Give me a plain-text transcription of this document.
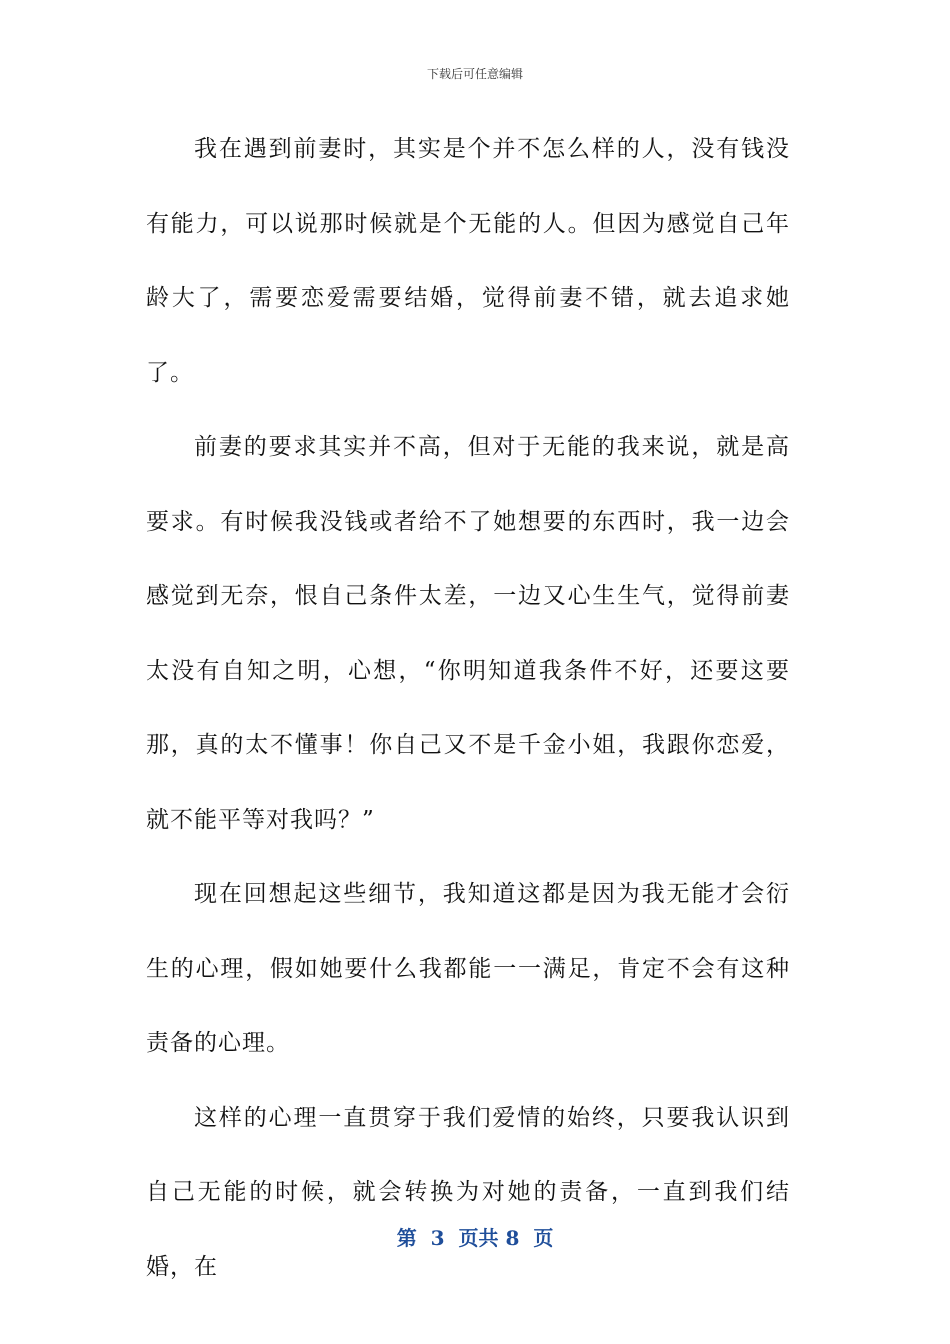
下载后可任意编辑

我在遇到前妻时，其实是个并不怎么样的人，没有钱没有能力，可以说那时候就是个无能的人。但因为感觉自己年龄大了，需要恋爱需要结婚，觉得前妻不错，就去追求她了。

前妻的要求其实并不高，但对于无能的我来说，就是高要求。有时候我没钱或者给不了她想要的东西时，我一边会感觉到无奈，恨自己条件太差，一边又心生生气，觉得前妻太没有自知之明，心想，“你明知道我条件不好，还要这要那，真的太不懂事！你自己又不是千金小姐，我跟你恋爱，就不能平等对我吗？”

现在回想起这些细节，我知道这都是因为我无能才会衍生的心理，假如她要什么我都能一一满足，肯定不会有这种责备的心理。

这样的心理一直贯穿于我们爱情的始终，只要我认识到自己无能的时候，就会转换为对她的责备，一直到我们结婚，在

第 3 页共 8 页
